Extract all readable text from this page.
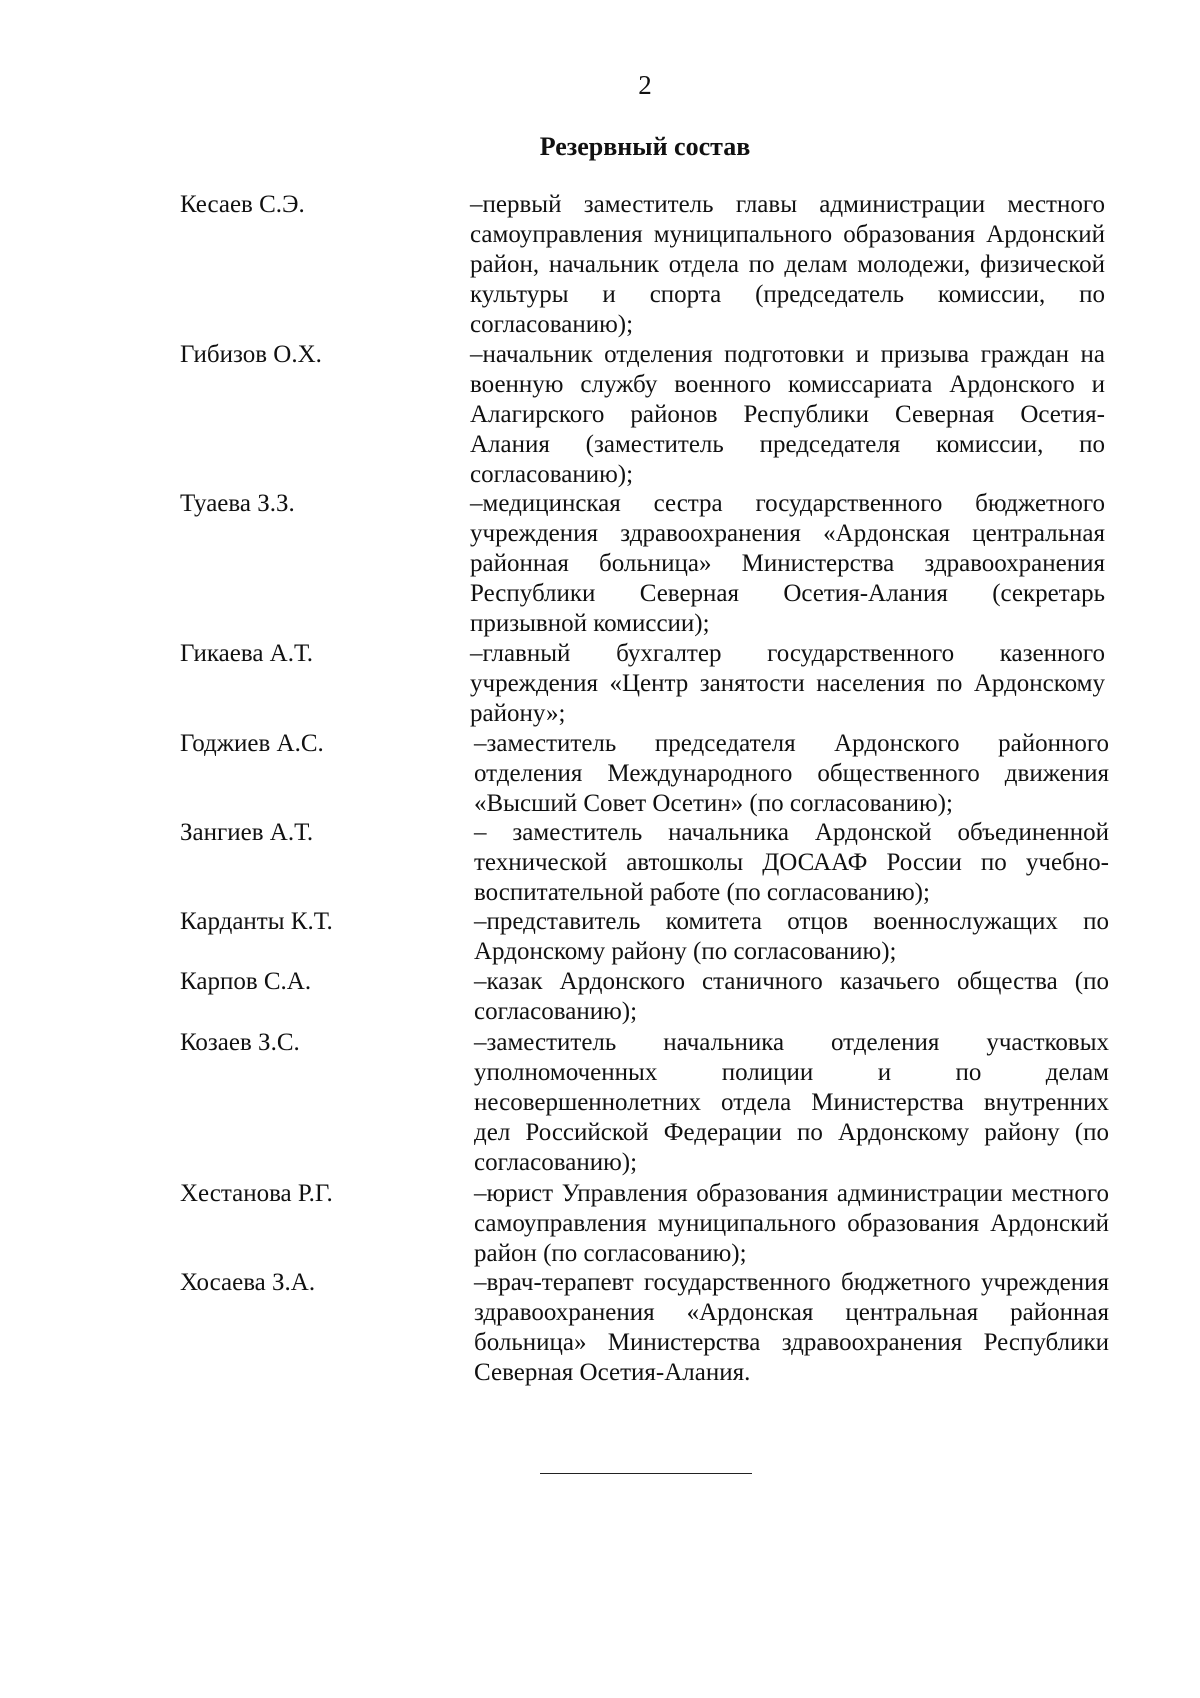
2
Резервный состав
Кесаев С.Э.	–первый заместитель главы администрации местного самоуправления муниципального образования Ардонский район, начальник отдела по делам молодежи, физической культуры и спорта (председатель комиссии, по согласованию);
Гибизов О.Х.	–начальник отделения подготовки и призыва граждан на военную службу военного комиссариата Ардонского и Алагирского районов Республики Северная Осетия-Алания (заместитель председателя комиссии, по согласованию);
Туаева З.З.	–медицинская сестра государственного бюджетного учреждения здравоохранения «Ардонская центральная районная больница» Министерства здравоохранения Республики Северная Осетия-Алания (секретарь призывной комиссии);
Гикаева А.Т.	–главный бухгалтер государственного казенного учреждения «Центр занятости населения по Ардонскому району»;
Годжиев А.С.	–заместитель председателя Ардонского районного отделения Международного общественного движения «Высший Совет Осетин» (по согласованию);
Зангиев А.Т.	– заместитель начальника Ардонской объединенной технической автошколы ДОСААФ России по учебно-воспитательной работе (по согласованию);
Карданты К.Т.	–представитель комитета отцов военнослужащих по Ардонскому району (по согласованию);
Карпов С.А.	–казак Ардонского станичного казачьего общества (по согласованию);
Козаев З.С.	–заместитель начальника отделения участковых уполномоченных полиции и по делам несовершеннолетних отдела Министерства внутренних дел Российской Федерации по Ардонскому району (по согласованию);
Хестанова Р.Г.	–юрист Управления образования администрации местного самоуправления муниципального образования Ардонский район (по согласованию);
Хосаева З.А.	–врач-терапевт государственного бюджетного учреждения здравоохранения «Ардонская центральная районная больница» Министерства здравоохранения Республики Северная Осетия-Алания.
